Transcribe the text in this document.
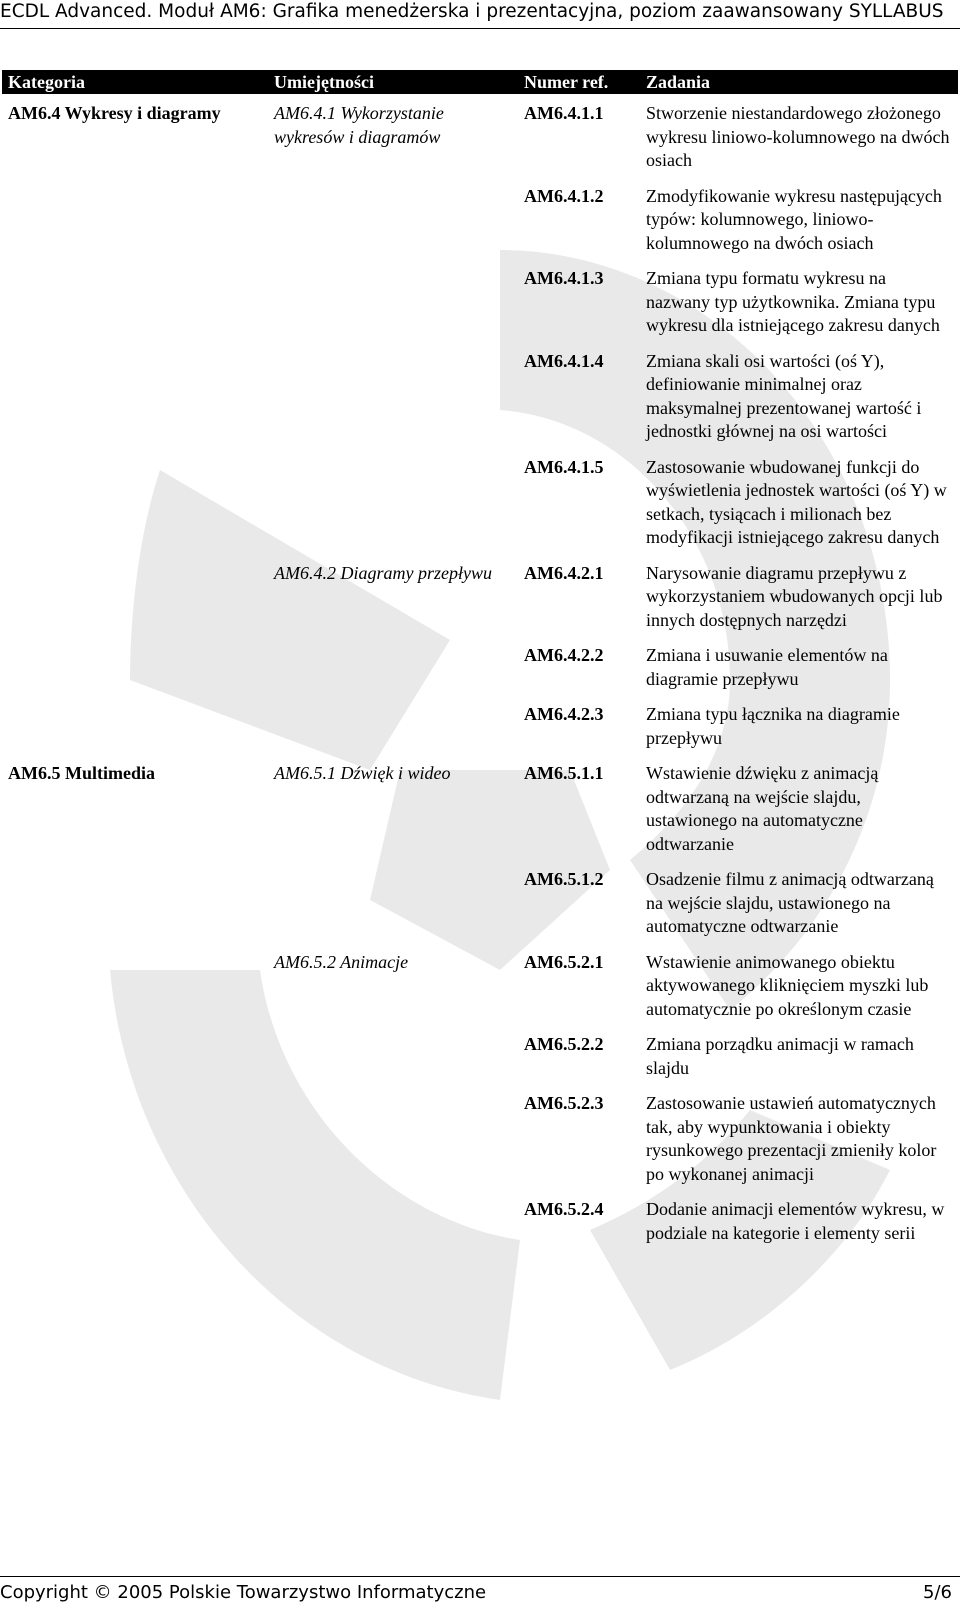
ECDL Advanced. Moduł AM6: Grafika menedżerska i prezentacyjna, poziom zaawansowany SYLLABUS
Kategoria	Umiejętności	Numer ref.	Zadania
AM6.4 Wykresy i diagramy	AM6.4.1 Wykorzystanie wykresów i diagramów	AM6.4.1.1	Stworzenie niestandardowego złożonego wykresu liniowo-kolumnowego na dwóch osiach
		AM6.4.1.2	Zmodyfikowanie wykresu następujących typów: kolumnowego, liniowo-kolumnowego na dwóch osiach
		AM6.4.1.3	Zmiana typu formatu wykresu na nazwany typ użytkownika. Zmiana typu wykresu dla istniejącego zakresu danych
		AM6.4.1.4	Zmiana skali osi wartości (oś Y), definiowanie minimalnej oraz maksymalnej prezentowanej wartość i jednostki głównej na osi wartości
		AM6.4.1.5	Zastosowanie wbudowanej funkcji do wyświetlenia jednostek wartości (oś Y) w setkach, tysiącach i milionach bez modyfikacji istniejącego zakresu danych
	AM6.4.2 Diagramy przepływu	AM6.4.2.1	Narysowanie diagramu przepływu z wykorzystaniem wbudowanych opcji lub innych dostępnych narzędzi
		AM6.4.2.2	Zmiana i usuwanie elementów na diagramie przepływu
		AM6.4.2.3	Zmiana typu łącznika na diagramie przepływu
AM6.5 Multimedia	AM6.5.1 Dźwięk i wideo	AM6.5.1.1	Wstawienie dźwięku z animacją odtwarzaną na wejście slajdu, ustawionego na automatyczne odtwarzanie
		AM6.5.1.2	Osadzenie filmu z animacją odtwarzaną na wejście slajdu, ustawionego na automatyczne odtwarzanie
	AM6.5.2 Animacje	AM6.5.2.1	Wstawienie animowanego obiektu aktywowanego kliknięciem myszki lub automatycznie po określonym czasie
		AM6.5.2.2	Zmiana porządku animacji w ramach slajdu
		AM6.5.2.3	Zastosowanie ustawień automatycznych tak, aby wypunktowania i obiekty rysunkowego prezentacji zmieniły kolor po wykonanej animacji
		AM6.5.2.4	Dodanie animacji elementów wykresu, w podziale na kategorie i elementy serii
Copyright © 2005 Polskie Towarzystwo Informatyczne	5/6
